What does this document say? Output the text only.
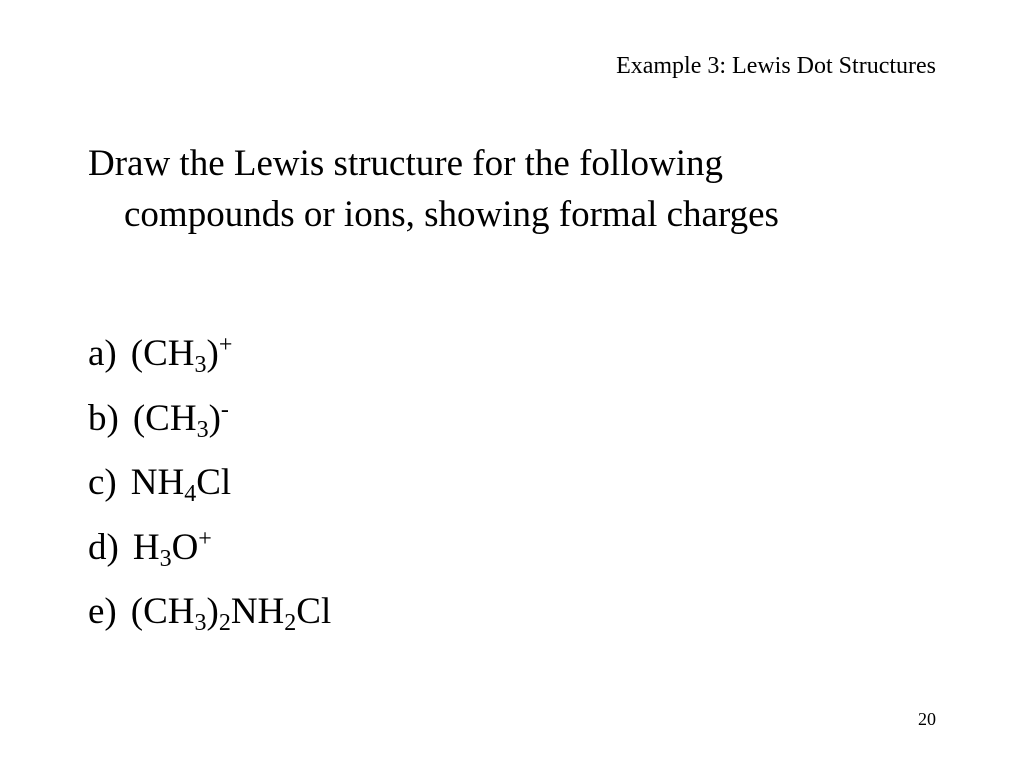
Example 3: Lewis Dot Structures

Draw the Lewis structure for the following
compounds or ions, showing formal charges

a) $(CH_3)^+$
b) $(CH_3)^-$
c) $NH_4Cl$
d) $H_3O^+$
e) $(CH_3)_2NH_2Cl$
20
